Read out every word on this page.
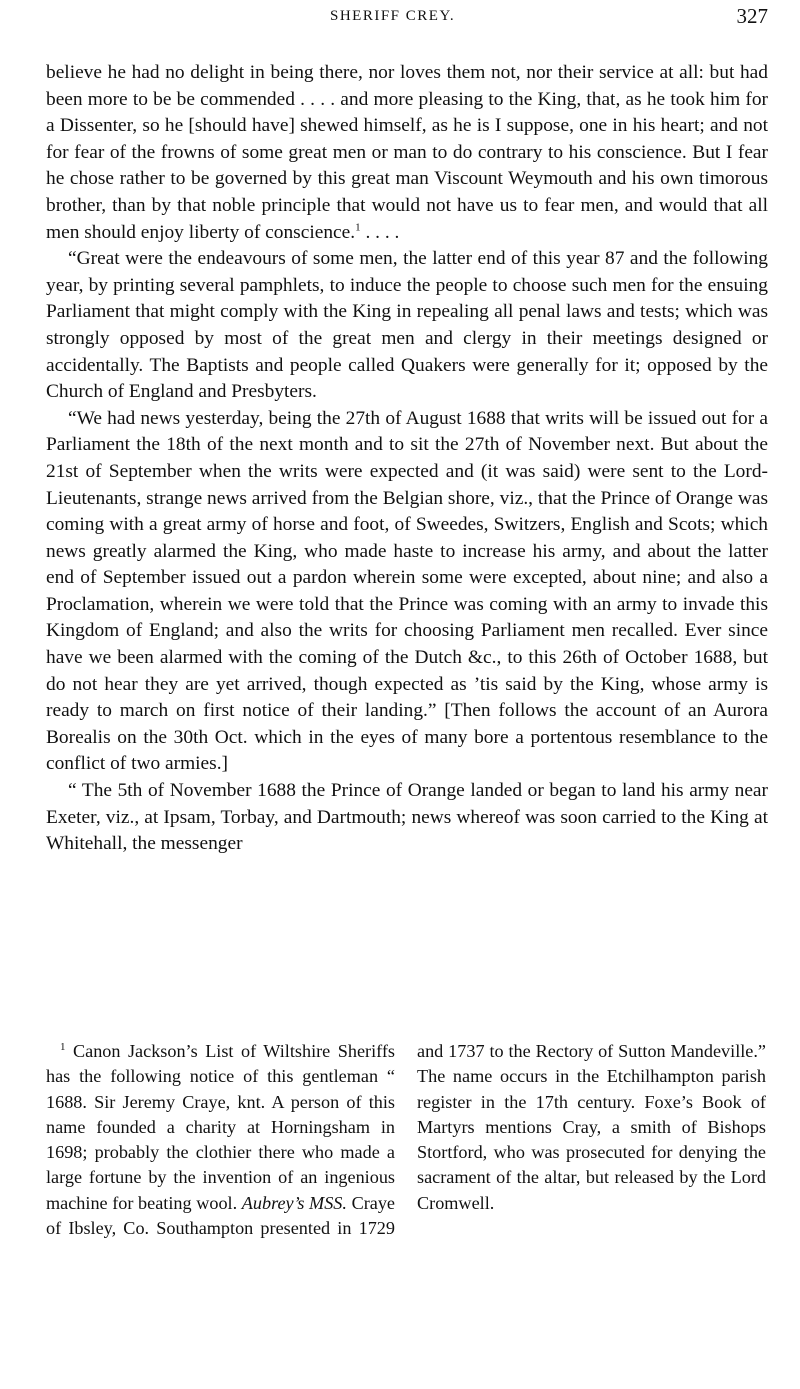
SHERIFF CREY.	327

believe he had no delight in being there, nor loves them not, nor their service at all: but had been more to be be commended . . . . and more pleasing to the King, that, as he took him for a Dissenter, so he [should have] shewed himself, as he is I suppose, one in his heart; and not for fear of the frowns of some great men or man to do contrary to his conscience. But I fear he chose rather to be governed by this great man Viscount Weymouth and his own timorous brother, than by that noble principle that would not have us to fear men, and would that all men should enjoy liberty of conscience.$^1$ . . . .

“Great were the endeavours of some men, the latter end of this year 87 and the following year, by printing several pamphlets, to induce the people to choose such men for the ensuing Parliament that might comply with the King in repealing all penal laws and tests; which was strongly opposed by most of the great men and clergy in their meetings designed or accidentally. The Baptists and people called Quakers were generally for it; opposed by the Church of England and Presbyters.

“We had news yesterday, being the 27th of August 1688 that writs will be issued out for a Parliament the 18th of the next month and to sit the 27th of November next. But about the 21st of September when the writs were expected and (it was said) were sent to the Lord-Lieutenants, strange news arrived from the Belgian shore, viz., that the Prince of Orange was coming with a great army of horse and foot, of Sweedes, Switzers, English and Scots; which news greatly alarmed the King, who made haste to increase his army, and about the latter end of September issued out a pardon wherein some were excepted, about nine; and also a Proclamation, wherein we were told that the Prince was coming with an army to invade this Kingdom of England; and also the writs for choosing Parliament men recalled. Ever since have we been alarmed with the coming of the Dutch &c., to this 26th of October 1688, but do not hear they are yet arrived, though expected as ’tis said by the King, whose army is ready to march on first notice of their landing.” [Then follows the account of an Aurora Borealis on the 30th Oct. which in the eyes of many bore a portentous resemblance to the conflict of two armies.]

“ The 5th of November 1688 the Prince of Orange landed or began to land his army near Exeter, viz., at Ipsam, Torbay, and Dartmouth; news whereof was soon carried to the King at Whitehall, the messenger

$^1$ Canon Jackson’s List of Wiltshire Sheriffs has the following notice of this gentleman “ 1688. Sir Jeremy Craye, knt. A person of this name founded a charity at Horningsham in 1698; probably the clothier there who made a large fortune by the invention of an ingenious machine for beating wool. Aubrey’s MSS. Craye of Ibsley, Co. Southampton presented in 1729 and 1737 to the Rectory of Sutton Mandeville.” The name occurs in the Etchilhampton parish register in the 17th century. Foxe’s Book of Martyrs mentions Cray, a smith of Bishops Stortford, who was prosecuted for denying the sacrament of the altar, but released by the Lord Cromwell.
